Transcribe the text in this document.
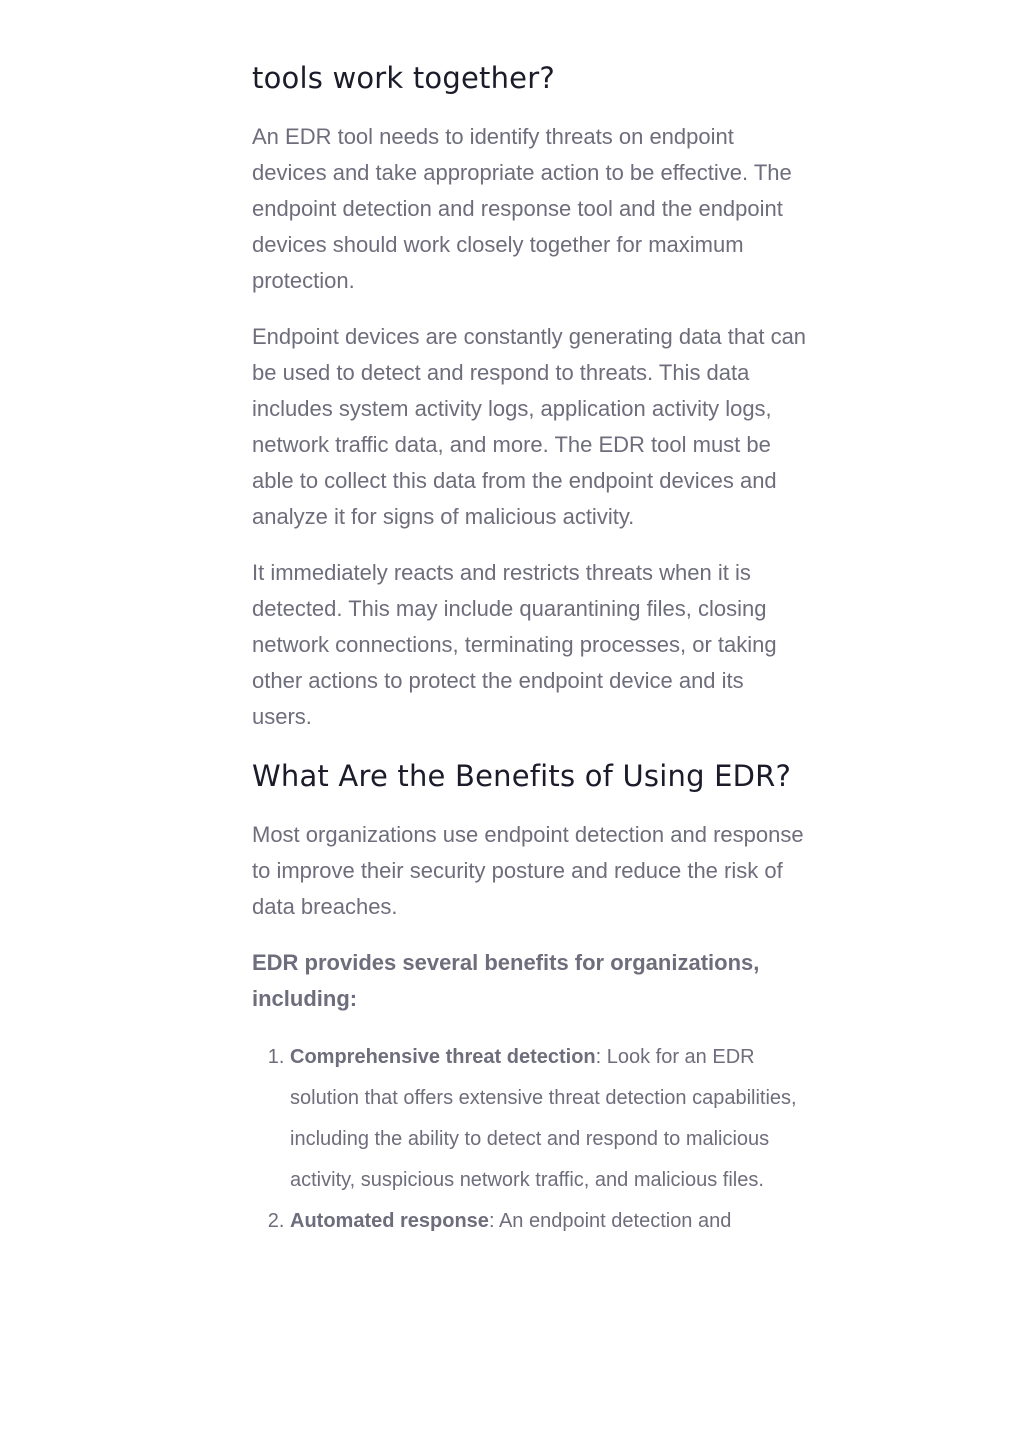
tools work together?

An EDR tool needs to identify threats on endpoint devices and take appropriate action to be effective. The endpoint detection and response tool and the endpoint devices should work closely together for maximum protection.

Endpoint devices are constantly generating data that can be used to detect and respond to threats. This data includes system activity logs, application activity logs, network traffic data, and more. The EDR tool must be able to collect this data from the endpoint devices and analyze it for signs of malicious activity.

It immediately reacts and restricts threats when it is detected. This may include quarantining files, closing network connections, terminating processes, or taking other actions to protect the endpoint device and its users.

What Are the Benefits of Using EDR?

Most organizations use endpoint detection and response to improve their security posture and reduce the risk of data breaches.

EDR provides several benefits for organizations, including:

1. Comprehensive threat detection: Look for an EDR solution that offers extensive threat detection capabilities, including the ability to detect and respond to malicious activity, suspicious network traffic, and malicious files.
2. Automated response: An endpoint detection and
